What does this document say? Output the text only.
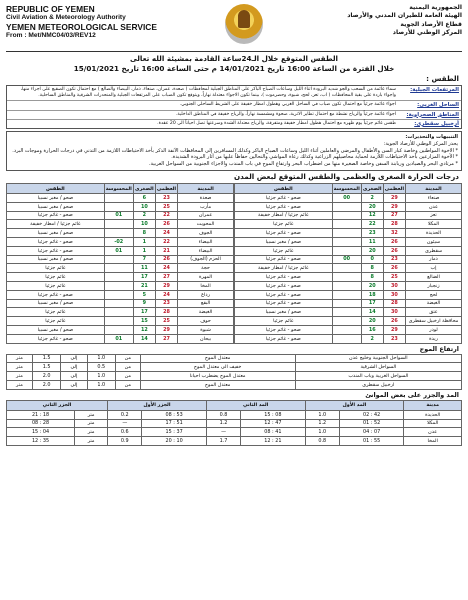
REPUBLIC OF YEMEN
Civil Aviation & Meteorology Authority
YEMEN METEOROLOGICAL SERVICE
From : Met/NMC04/03/REV12
الجمهورية اليمنية
الهيئة العامة للطيران المدني والأرصاد
قطاع الأرصاد الجوية
المركز الوطني للأرصاد
الطقس المتوقع خلال الـ24ساعة القادمة بمشيئة الله تعالى
خلال الفترة من الساعة 16:00 تاريخ 14/01/2021 م حتى الساعة 16:00 تاريخ 15/01/2021
الطقس :
المرتفعات الجبلية:
سماء غائمة من السحب والجو شديد البرودة اثناء الليل وساعات الصباح الباكر على المناطق الجبلية لمحافظات ( صعدة، عمران، صنعاء، ذمار، البيضاء والضالع ) مع احتمال تكون الصقيع على اجزاء منها، واجواء باردة على بقية المحافظات ( اب، تعز، لحج، شبوة، وحضرموت )، بينما تكون الاجواء معتدلة نهاراً، ويتوقع تكون الضباب على المرتفعات الجبلية والمنحدرات الشرقية والمناطق الساحلية.
الساحل الغربي:
اجواء غائمة جزئياً مع احتمال تكون ضباب في الساحل الغربي وهطول امطار خفيفة على الشريط الساحلي الجنوبي.
المناطق الصحراوية:
اجواء غائمة جزئياً والرياح نشطة مع احتمال تطاير الاتربة، صحوة ومشمسة نهاراً، والرياح خفيفة في المناطق الداخلية.
أرخبيل سقطرى:
طقس غائم جزئياً يوم ظهره مع احتمال هطول امطار خفيفة ومتفرقة، والرياح معتدلة الشدة وسرعتها تصل احياناً الى 20 عقدة.
التنبيهات والتحذيرات:
يحذر المركز الوطني للأرصاد الجوية:
* الاخوة المواطنين وخاصة كبار السن والأطفال والمرضى والعاملين أثناء الليل وساعات الصباح الباكر وكذلك المسافرين إلى المحافظات الآنفة الذكر بأخذ الاحتياطات اللازمة من التدني في درجات الحرارة وموجات البرد.
* الأخوة المزارعين بأخذ الاحتياطات اللازمة لحماية محاصيلهم الزراعية وكذلك رعاة المواشي والنحالين حفاظاً عليها من أثار البرودة الشديدة.
* مرتادي البحر والصيادين وربابنة السفن وخاصة الصغيرة منها من اضطراب البحر وارتفاع الموج في باب المندب والاجزاء الجنوبية من السواحل الغربية.
درجات الحرارة الصغرى والعظمى والطقس المتوقع لبعض المدن
الطقس	المحسوسة	الصغرى	العظمى	المدينة
صحو / مغبر نسبيا		6	23	صعدة
صحو / مغبر نسبيا		10	25	مأرب
صحو - غائم جزئيا	01	2	22	عمران
غائم جزئيا / امطار خفيفة		10	26	المحويت
صحو / مغبر نسبيا		8	24	الجوف
صحو - غائم جزئيا	-02	1	22	البيضاء
صحو - غائم جزئيا	01	1	21	البيضاء
صحو / مغبر نسبيا		7	26	الحزم (الجوف)
غائم جزئيا		11	24	حجة
غائم جزئيا		17	27	المهرة
غائم جزئيا		21	29	المخا
صحو - غائم جزئيا		5	24	رداع
صحو / مغبر نسبيا		9	23	البقع
غائم جزئيا		17	28	الغيضة
غائم جزئيا		15	25	حوف
صحو / مغبر نسبيا		12	29	شبوة
صحو - غائم جزئيا	01	14	27	بيحان
الطقس	المحسوسة	الصغرى	العظمى	المدينة
صحو - غائم جزئيا	00	2	29	صنعاء
صحو - غائم جزئيا		20	29	عدن
غائم جزئيا / امطار خفيفة		12	27	تعز
غائم جزئيا		22	28	المكلا
صحو - غائم جزئيا		23	32	الحديدة
صحو / مغبر نسبيا		11	26	سيئون
غائم جزئيا		20	26	سقطرى
صحو - غائم جزئيا	00	0	23	ذمار
غائم جزئيا / امطار خفيفة		8	26	إب
صحو - غائم جزئيا		8	25	الضالع
صحو - غائم جزئيا		20	30	زنجبار
صحو - غائم جزئيا		18	30	لحج
صحو - غائم جزئيا		17	28	الغيضة
صحو / مغبر نسبيا		14	30	عتق
غائم جزئيا		20	26	محافظة ارخبيل سقطرى
صحو - غائم جزئيا		16	29	لودر
صحو - غائم جزئيا		2	23	ريدة
ارتفاع الموج
متر	1.5	إلى	1.0	من	معتدل الموج	السواحل الجنوبية وخليج عدن
متر	1.5	إلى	0.5	من	خفيف الى معتدل الموج	السواحل الشرقية
متر	2.0	إلى	1.0	من	معتدل الموج يضطرب احيانا	السواحل الغربية وباب المندب
متر	2.0	إلى	1.0	من	معتدل الموج	ارخبيل سقطرى
المد والجزر على بعض الموانئ
الجزر الثاني		الجزر الأول		المد الثاني		المد الأول		مدينة
21 : 18	متر	0.2	08 : 53	0.8	15 : 08	1.0	02 : 42	الحديدة
08 : 28	متر	—	17 : 51	1.2	12 : 47	1.2	01 : 52	المكلا
15 : 04	متر	0.6	15 : 37	—	08 : 41	1.0	04 : 07	عدن
12 : 35	متر	0.9	20 : 10	1.7	12 : 21	0.8	01 : 55	المخا
